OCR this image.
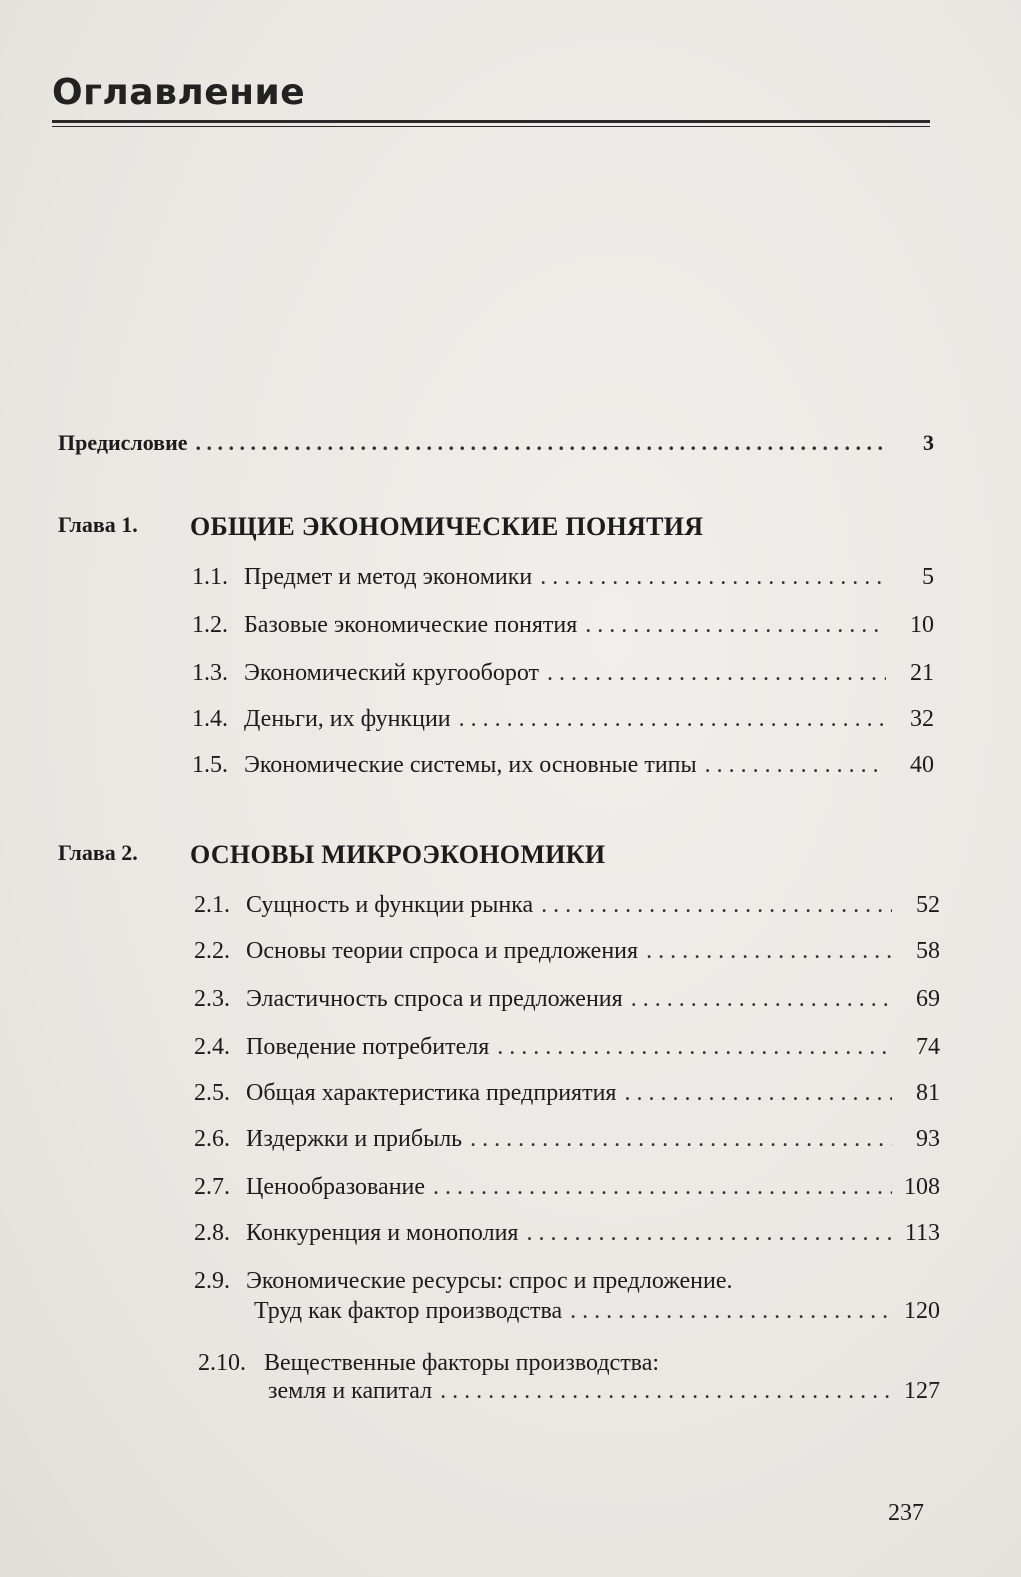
Оглавление
Предисловие . . .	3
Глава 1.	ОБЩИЕ ЭКОНОМИЧЕСКИЕ ПОНЯТИЯ
1.1. Предмет и метод экономики . . .	5
1.2. Базовые экономические понятия . . .	10
1.3. Экономический кругооборот . . .	21
1.4. Деньги, их функции . . .	32
1.5. Экономические системы, их основные типы . . .	40
Глава 2.	ОСНОВЫ МИКРОЭКОНОМИКИ
2.1. Сущность и функции рынка . . .	52
2.2. Основы теории спроса и предложения . . .	58
2.3. Эластичность спроса и предложения . . .	69
2.4. Поведение потребителя . . .	74
2.5. Общая характеристика предприятия . . .	81
2.6. Издержки и прибыль . . .	93
2.7. Ценообразование . . .	108
2.8. Конкуренция и монополия . . .	113
2.9. Экономические ресурсы: спрос и предложение.
Труд как фактор производства . . .	120
2.10. Вещественные факторы производства:
земля и капитал . . .	127
237
